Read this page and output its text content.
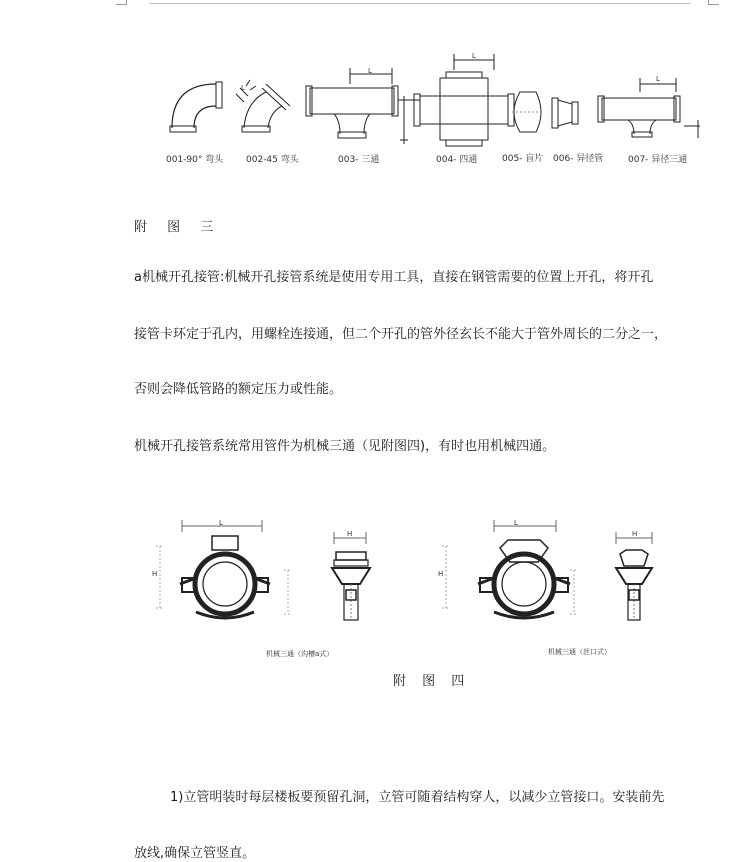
L
L
L
L
001-90° 弯头	002-45 弯头	003- 三通	004- 四通	005- 盲片 006- 异径管	007- 异径三通
附 图 三
a机械开孔接管:机械开孔接管系统是使用专用工具，直接在钢管需要的位置上开孔，将开孔
接管卡环定于孔内，用螺栓连接通，但二个开孔的管外径玄长不能大于管外周长的二分之一，
否则会降低管路的额定压力或性能。
机械开孔接管系统常用管件为机械三通（见附图四)，有时也用机械四通。
L
H
H
L
H
H
机械三通（沟槽a式）	机械三通（丝口式）
附 图 四
1)立管明装时每层楼板要预留孔洞，立管可随着结构穿人，以减少立管接口。安装前先
放线,确保立管竖直。
